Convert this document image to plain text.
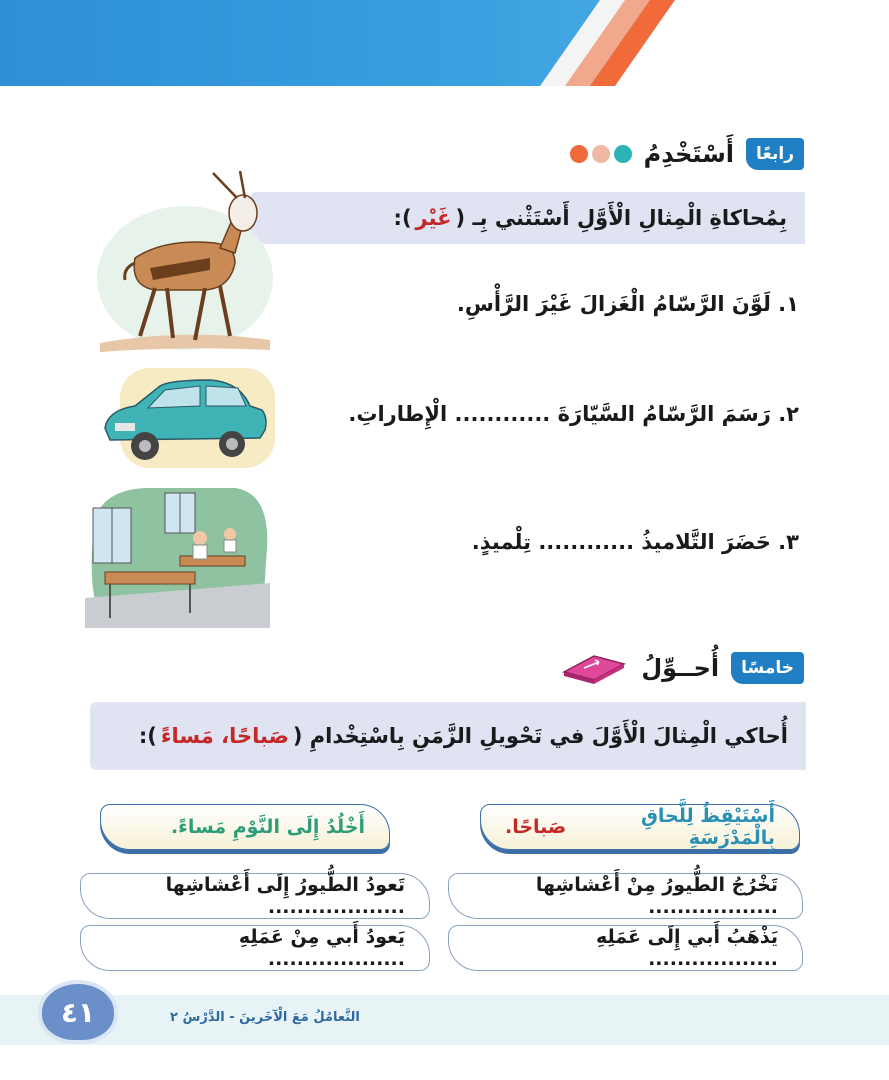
رابعًا
أَسْتَخْدِمُ
بِمُحاكاةِ الْمِثالِ الْأَوَّلِ أَسْتَثْني بِـ (
غَيْر
):
١. لَوَّنَ الرَّسّامُ الْغَزالَ غَيْرَ الرَّأْسِ.
٢. رَسَمَ الرَّسّامُ السَّيّارَةَ ............ الْإِطاراتِ.
٣. حَضَرَ التَّلاميذُ ............ تِلْميذٍ.
خامسًا
أُحــوِّلُ
أُحاكي الْمِثالَ الْأَوَّلَ في تَحْويلِ الزَّمَنِ بِاسْتِخْدامِ (
صَباحًا، مَساءً
):
أَسْتَيْقِظُ لِلَّحاقِ بِالْمَدْرَسَةِ
صَباحًا.
أَخْلُدُ إِلَى النَّوْمِ مَساءً.
تَخْرُجُ الطُّيورُ مِنْ أَعْشاشِها ..................
تَعودُ الطُّيورُ إِلَى أَعْشاشِها ...................
يَذْهَبُ أَبي إِلَى عَمَلِهِ ..................
يَعودُ أَبي مِنْ عَمَلِهِ ...................
٤١	التَّعامُلُ مَعَ الْآخَرينَ - الدَّرْسُ ٢
